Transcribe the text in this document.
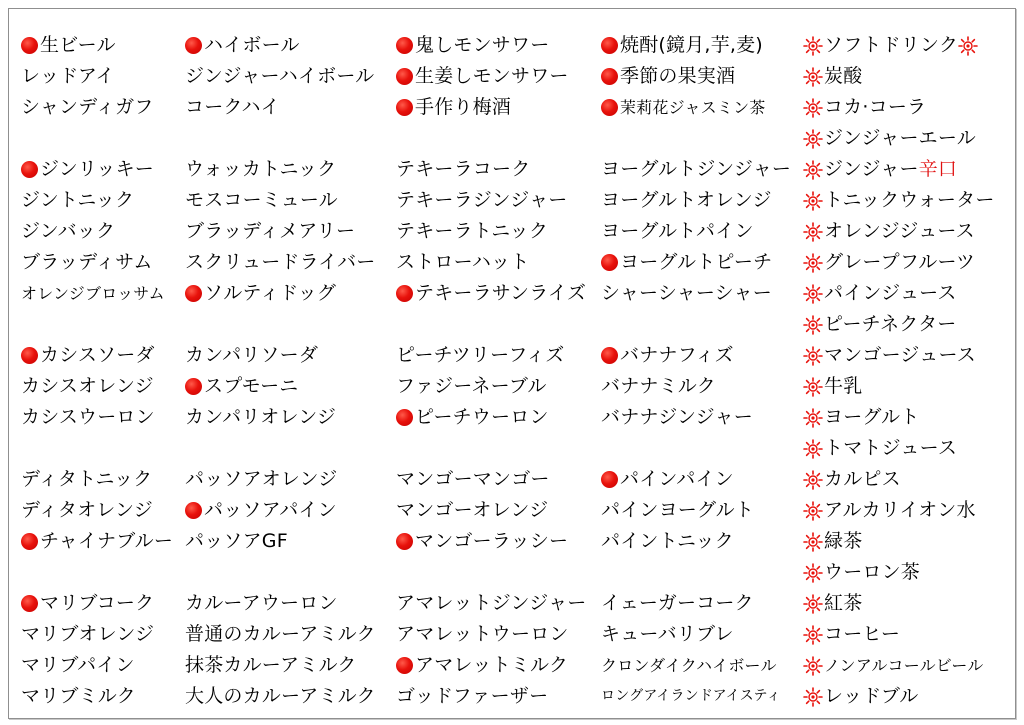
生ビール
レッドアイ
シャンディガフ
ジンリッキー
ジントニック
ジンバック
ブラッディサム
オレンジブロッサム
カシスソーダ
カシスオレンジ
カシスウーロン
ディタトニック
ディタオレンジ
チャイナブルー
マリブコーク
マリブオレンジ
マリブパイン
マリブミルク
ハイボール
ジンジャーハイボール
コークハイ
ウォッカトニック
モスコーミュール
ブラッディメアリー
スクリュードライバー
ソルティドッグ
カンパリソーダ
スプモーニ
カンパリオレンジ
パッソアオレンジ
パッソアパイン
パッソアGF
カルーアウーロン
普通のカルーアミルク
抹茶カルーアミルク
大人のカルーアミルク
鬼しモンサワー
生姜しモンサワー
手作り梅酒
テキーラコーク
テキーラジンジャー
テキーラトニック
ストローハット
テキーラサンライズ
ピーチツリーフィズ
ファジーネーブル
ピーチウーロン
マンゴーマンゴー
マンゴーオレンジ
マンゴーラッシー
アマレットジンジャー
アマレットウーロン
アマレットミルク
ゴッドファーザー
焼酎(鏡月,芋,麦)
季節の果実酒
茉莉花ジャスミン茶
ヨーグルトジンジャー
ヨーグルトオレンジ
ヨーグルトパイン
ヨーグルトピーチ
シャーシャーシャー
バナナフィズ
バナナミルク
バナナジンジャー
パインパイン
パインヨーグルト
パイントニック
イェーガーコーク
キューバリブレ
クロンダイクハイボール
ロングアイランドアイスティ
ソフトドリンク
炭酸
コカ·コーラ
ジンジャーエール
ジンジャー 辛口
トニックウォーター
オレンジジュース
グレープフルーツ
パインジュース
ピーチネクター
マンゴージュース
牛乳
ヨーグルト
トマトジュース
カルピス
アルカリイオン水
緑茶
ウーロン茶
紅茶
コーヒー
ノンアルコールビール
レッドブル
